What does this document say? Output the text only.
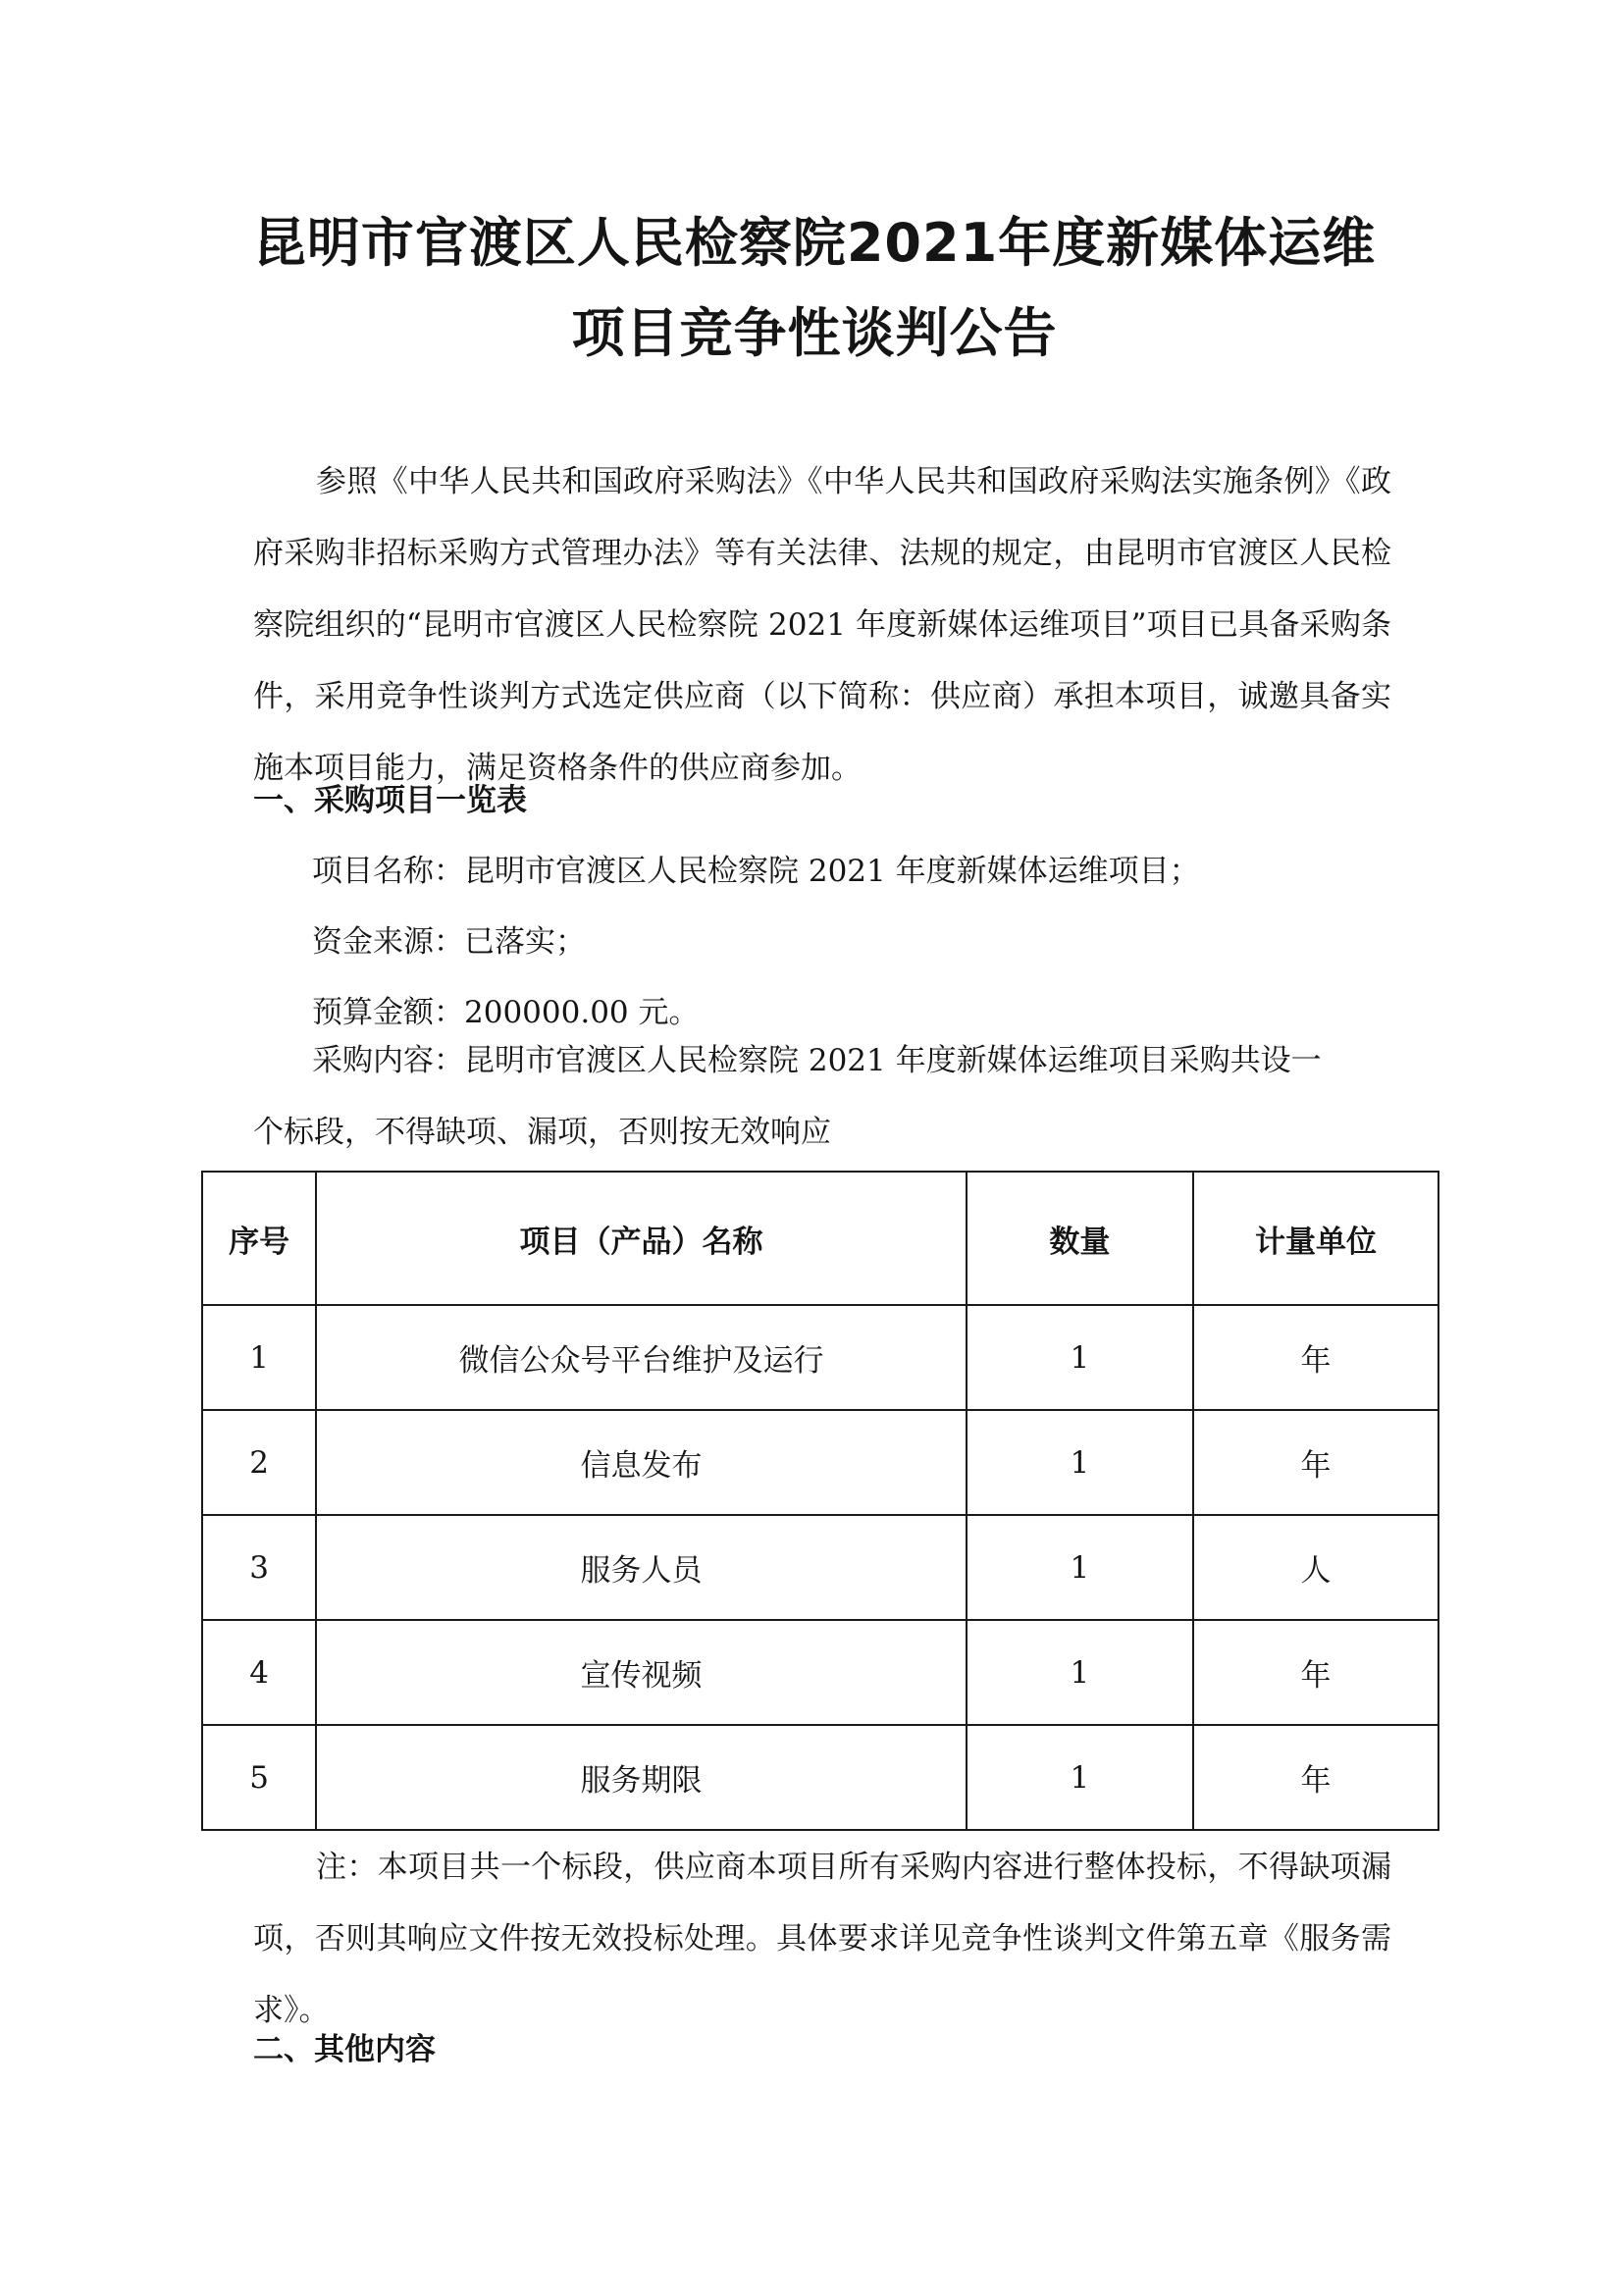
昆明市官渡区人民检察院2021年度新媒体运维
项目竞争性谈判公告

参照《中华人民共和国政府采购法》《中华人民共和国政府采购法实施条例》《政府采购非招标采购方式管理办法》等有关法律、法规的规定，由昆明市官渡区人民检察院组织的“昆明市官渡区人民检察院 2021 年度新媒体运维项目”项目已具备采购条件，采用竞争性谈判方式选定供应商（以下简称：供应商）承担本项目，诚邀具备实施本项目能力，满足资格条件的供应商参加。

一、采购项目一览表

项目名称：昆明市官渡区人民检察院 2021 年度新媒体运维项目；

资金来源：已落实；

预算金额：200000.00 元。

采购内容：昆明市官渡区人民检察院 2021 年度新媒体运维项目采购共设一

个标段，不得缺项、漏项，否则按无效响应

序号	项目（产品）名称	数量	计量单位
1	微信公众号平台维护及运行	1	年
2	信息发布	1	年
3	服务人员	1	人
4	宣传视频	1	年
5	服务期限	1	年

注：本项目共一个标段，供应商本项目所有采购内容进行整体投标，不得缺项漏项，否则其响应文件按无效投标处理。具体要求详见竞争性谈判文件第五章《服务需求》。

二、其他内容
